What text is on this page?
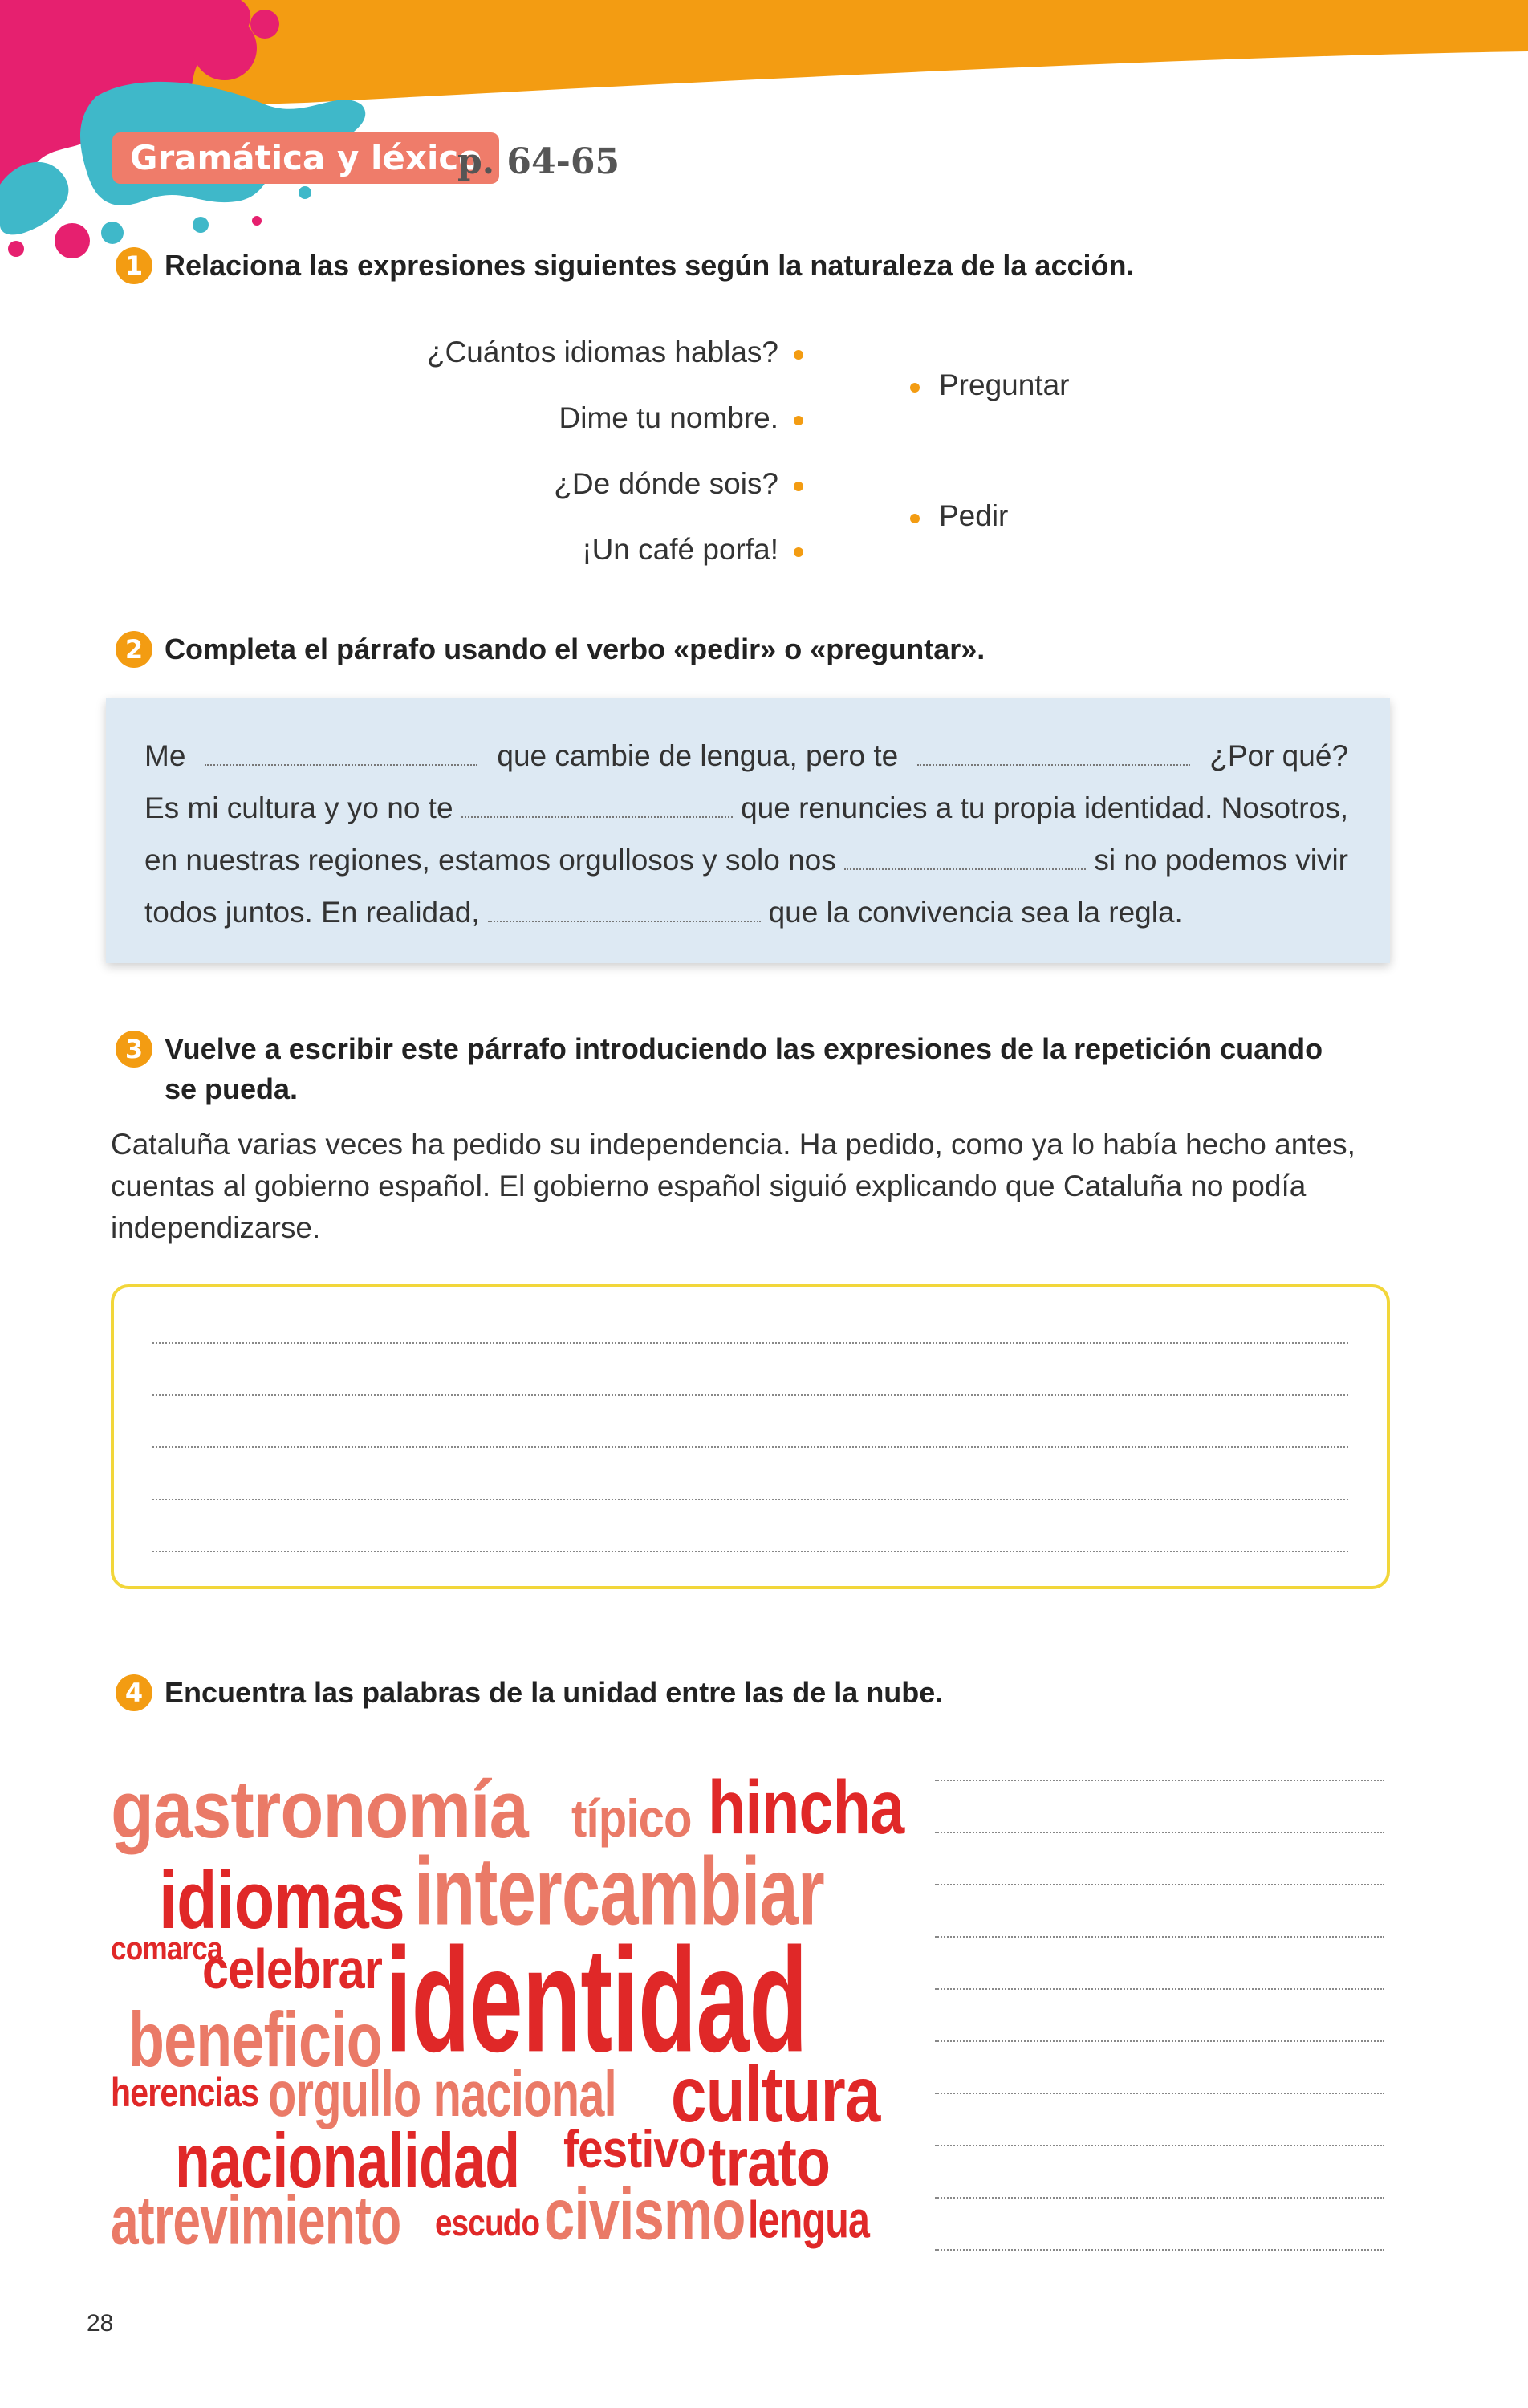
Gramática y léxico
p. 64-65
1 Relaciona las expresiones siguientes según la naturaleza de la acción.
¿Cuántos idiomas hablas?
Dime tu nombre.
¿De dónde sois?
¡Un café porfa!
Preguntar
Pedir
2 Completa el párrafo usando el verbo «pedir» o «preguntar».
Me	que cambie de lengua, pero te	¿Por qué?
Es mi cultura y yo no te	que renuncies a tu propia identidad. Nosotros,
en nuestras regiones, estamos orgullosos y solo nos	si no podemos vivir
todos juntos. En realidad,	que la convivencia sea la regla.
3 Vuelve a escribir este párrafo introduciendo las expresiones de la repetición cuando
se pueda.
Cataluña varias veces ha pedido su independencia. Ha pedido, como ya lo había hecho antes,
cuentas al gobierno español. El gobierno español siguió explicando que Cataluña no podía
independizarse.
4 Encuentra las palabras de la unidad entre las de la nube.
gastronomía típico hincha
idiomas intercambiar
comarca
celebrar identidad
beneficio
herencias orgullo nacional cultura
nacionalidad festivo trato
atrevimiento escudo civismo lengua
28
